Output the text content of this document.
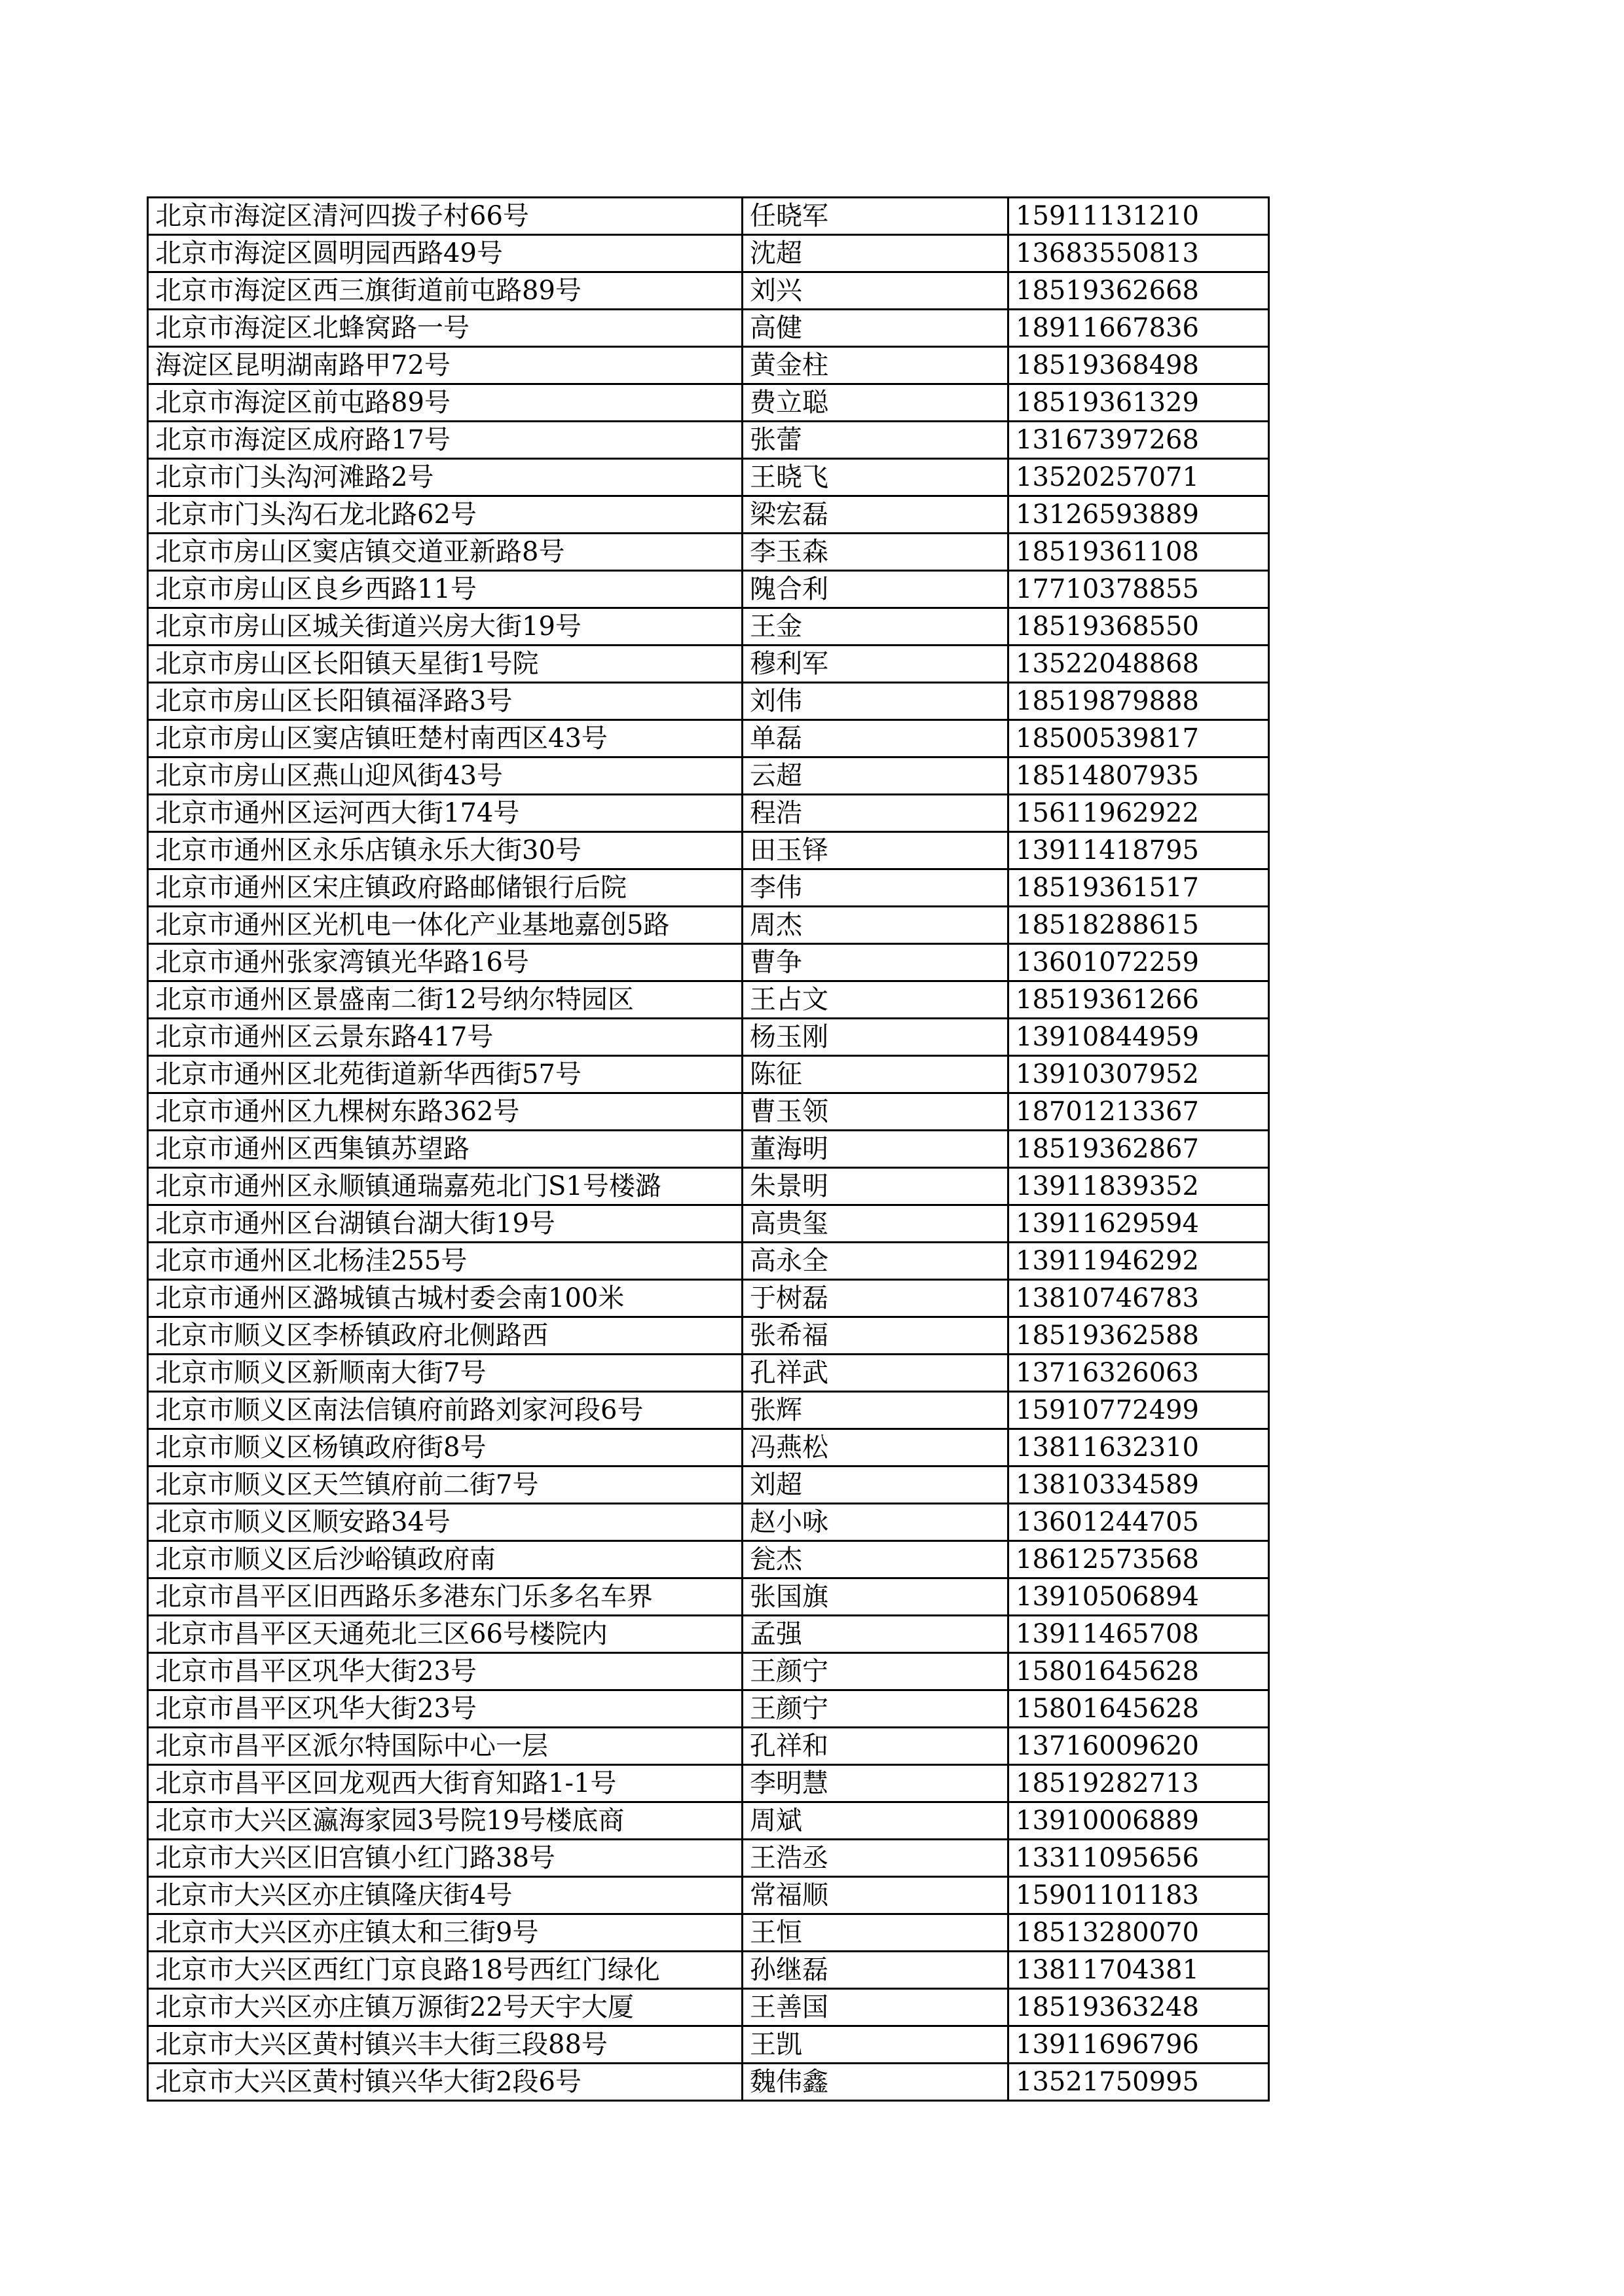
北京市海淀区清河四拨子村66号	任晓军	15911131210
北京市海淀区圆明园西路49号	沈超	13683550813
北京市海淀区西三旗街道前屯路89号	刘兴	18519362668
北京市海淀区北蜂窝路一号	高健	18911667836
海淀区昆明湖南路甲72号	黄金柱	18519368498
北京市海淀区前屯路89号	费立聪	18519361329
北京市海淀区成府路17号	张蕾	13167397268
北京市门头沟河滩路2号	王晓飞	13520257071
北京市门头沟石龙北路62号	梁宏磊	13126593889
北京市房山区窦店镇交道亚新路8号	李玉森	18519361108
北京市房山区良乡西路11号	隗合利	17710378855
北京市房山区城关街道兴房大街19号	王金	18519368550
北京市房山区长阳镇天星街1号院	穆利军	13522048868
北京市房山区长阳镇福泽路3号	刘伟	18519879888
北京市房山区窦店镇旺楚村南西区43号	单磊	18500539817
北京市房山区燕山迎风街43号	云超	18514807935
北京市通州区运河西大街174号	程浩	15611962922
北京市通州区永乐店镇永乐大街30号	田玉铎	13911418795
北京市通州区宋庄镇政府路邮储银行后院	李伟	18519361517
北京市通州区光机电一体化产业基地嘉创5路	周杰	18518288615
北京市通州张家湾镇光华路16号	曹争	13601072259
北京市通州区景盛南二街12号纳尔特园区	王占文	18519361266
北京市通州区云景东路417号	杨玉刚	13910844959
北京市通州区北苑街道新华西街57号	陈征	13910307952
北京市通州区九棵树东路362号	曹玉领	18701213367
北京市通州区西集镇苏望路	董海明	18519362867
北京市通州区永顺镇通瑞嘉苑北门S1号楼潞	朱景明	13911839352
北京市通州区台湖镇台湖大街19号	高贵玺	13911629594
北京市通州区北杨洼255号	高永全	13911946292
北京市通州区潞城镇古城村委会南100米	于树磊	13810746783
北京市顺义区李桥镇政府北侧路西	张希福	18519362588
北京市顺义区新顺南大街7号	孔祥武	13716326063
北京市顺义区南法信镇府前路刘家河段6号	张辉	15910772499
北京市顺义区杨镇政府街8号	冯燕松	13811632310
北京市顺义区天竺镇府前二街7号	刘超	13810334589
北京市顺义区顺安路34号	赵小咏	13601244705
北京市顺义区后沙峪镇政府南	瓮杰	18612573568
北京市昌平区旧西路乐多港东门乐多名车界	张国旗	13910506894
北京市昌平区天通苑北三区66号楼院内	孟强	13911465708
北京市昌平区巩华大街23号	王颜宁	15801645628
北京市昌平区巩华大街23号	王颜宁	15801645628
北京市昌平区派尔特国际中心一层	孔祥和	13716009620
北京市昌平区回龙观西大街育知路1-1号	李明慧	18519282713
北京市大兴区瀛海家园3号院19号楼底商	周斌	13910006889
北京市大兴区旧宫镇小红门路38号	王浩丞	13311095656
北京市大兴区亦庄镇隆庆街4号	常福顺	15901101183
北京市大兴区亦庄镇太和三街9号	王恒	18513280070
北京市大兴区西红门京良路18号西红门绿化	孙继磊	13811704381
北京市大兴区亦庄镇万源街22号天宇大厦	王善国	18519363248
北京市大兴区黄村镇兴丰大街三段88号	王凯	13911696796
北京市大兴区黄村镇兴华大街2段6号	魏伟鑫	13521750995
